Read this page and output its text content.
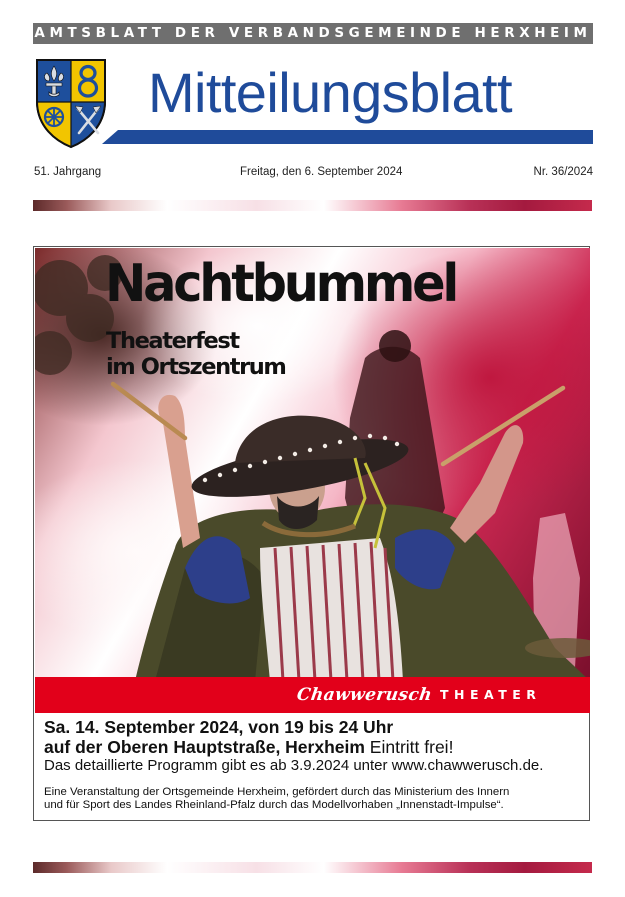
AMTSBLATT DER VERBANDSGEMEINDE HERXHEIM
Mitteilungsblatt
51. Jahrgang	Freitag, den 6. September 2024	Nr. 36/2024
Nachtbummel
Theaterfest
im Ortszentrum
Chawwerusch THEATER
Sa. 14. September 2024, von 19 bis 24 Uhr
auf der Oberen Hauptstraße, Herxheim Eintritt frei!
Das detaillierte Programm gibt es ab 3.9.2024 unter www.chawwerusch.de.
Eine Veranstaltung der Ortsgemeinde Herxheim, gefördert durch das Ministerium des Innern
und für Sport des Landes Rheinland-Pfalz durch das Modellvorhaben „Innenstadt-Impulse“.
